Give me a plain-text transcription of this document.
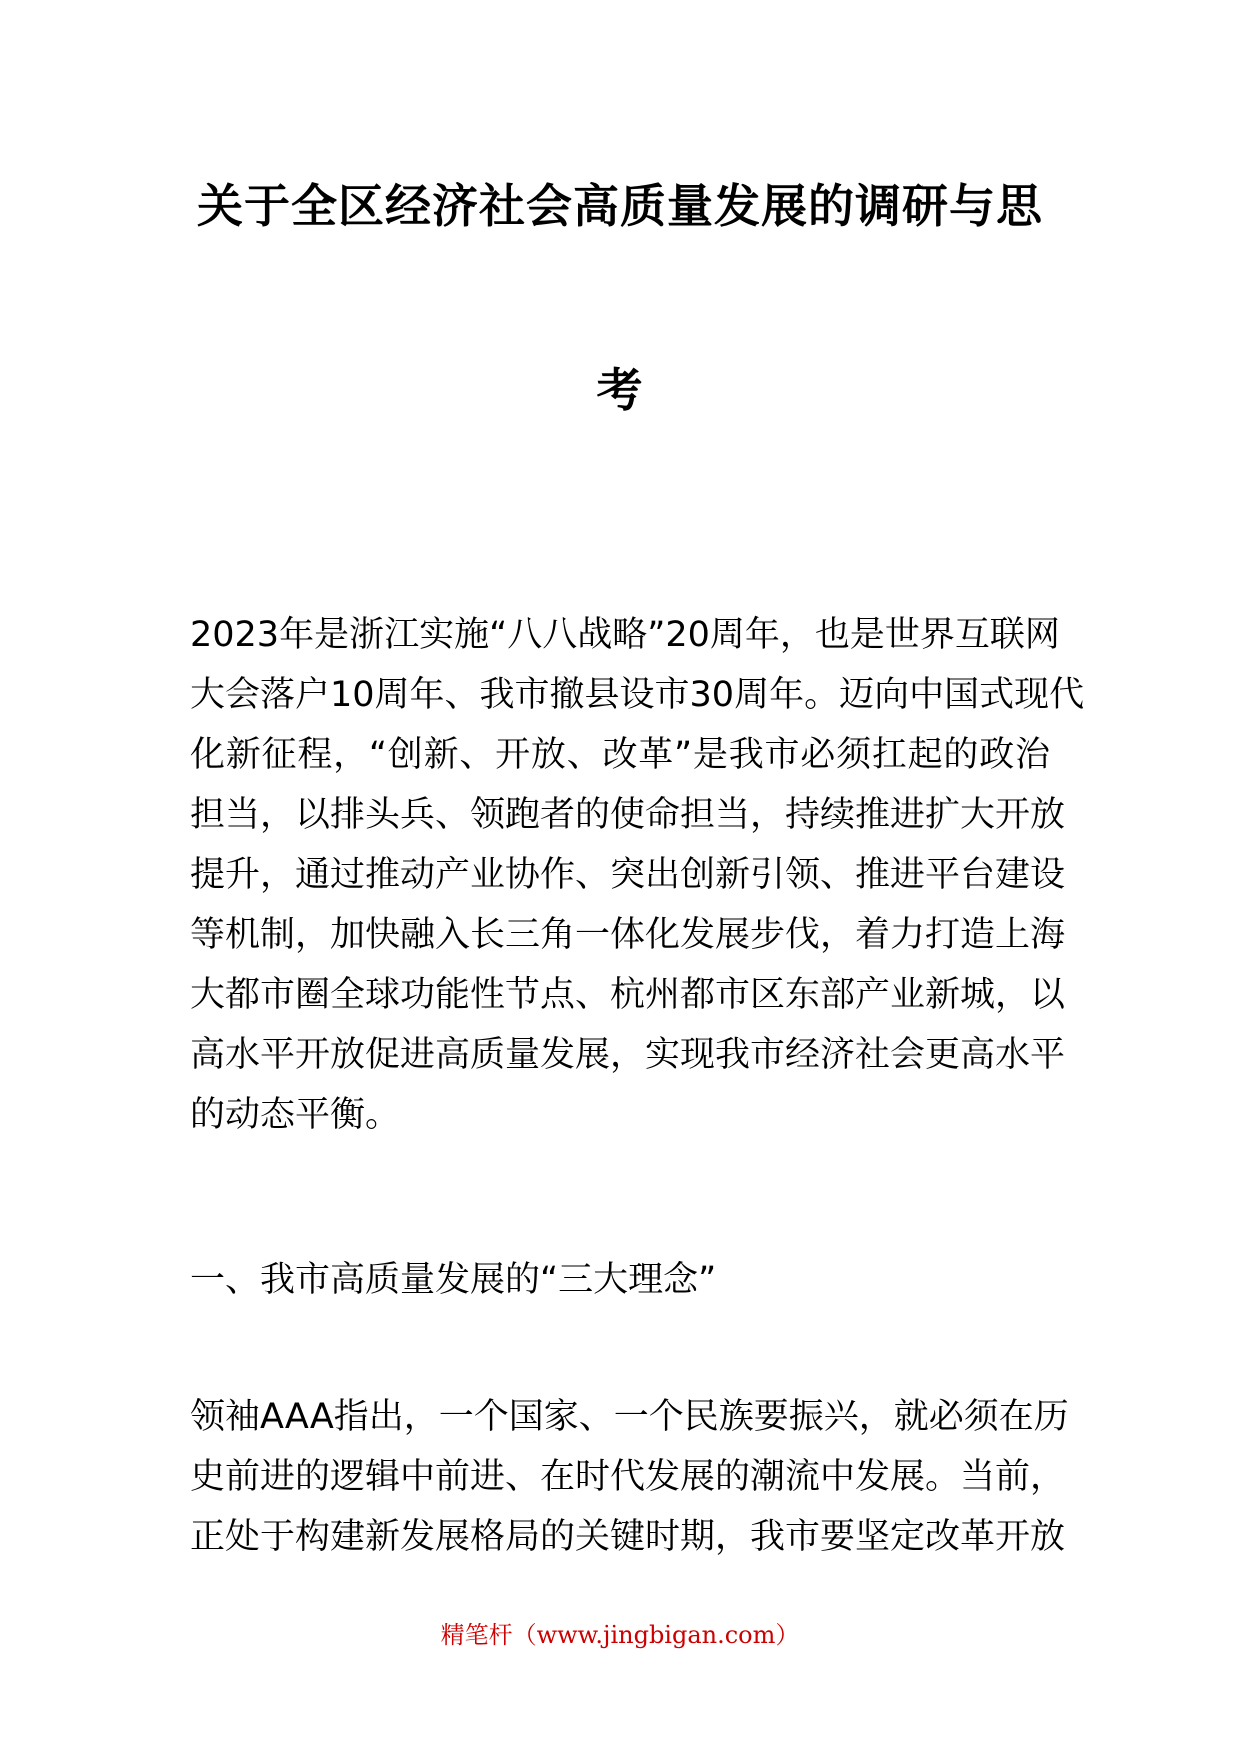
关于全区经济社会高质量发展的调研与思
考
2023年是浙江实施“八八战略”20周年，也是世界互联网
大会落户10周年、我市撤县设市30周年。迈向中国式现代
化新征程，“创新、开放、改革”是我市必须扛起的政治
担当，以排头兵、领跑者的使命担当，持续推进扩大开放
提升，通过推动产业协作、突出创新引领、推进平台建设
等机制，加快融入长三角一体化发展步伐，着力打造上海
大都市圈全球功能性节点、杭州都市区东部产业新城，以
高水平开放促进高质量发展，实现我市经济社会更高水平
的动态平衡。
一、我市高质量发展的“三大理念”
领袖AAA指出，一个国家、一个民族要振兴，就必须在历
史前进的逻辑中前进、在时代发展的潮流中发展。当前，
正处于构建新发展格局的关键时期，我市要坚定改革开放
精笔杆（www.jingbigan.com）
